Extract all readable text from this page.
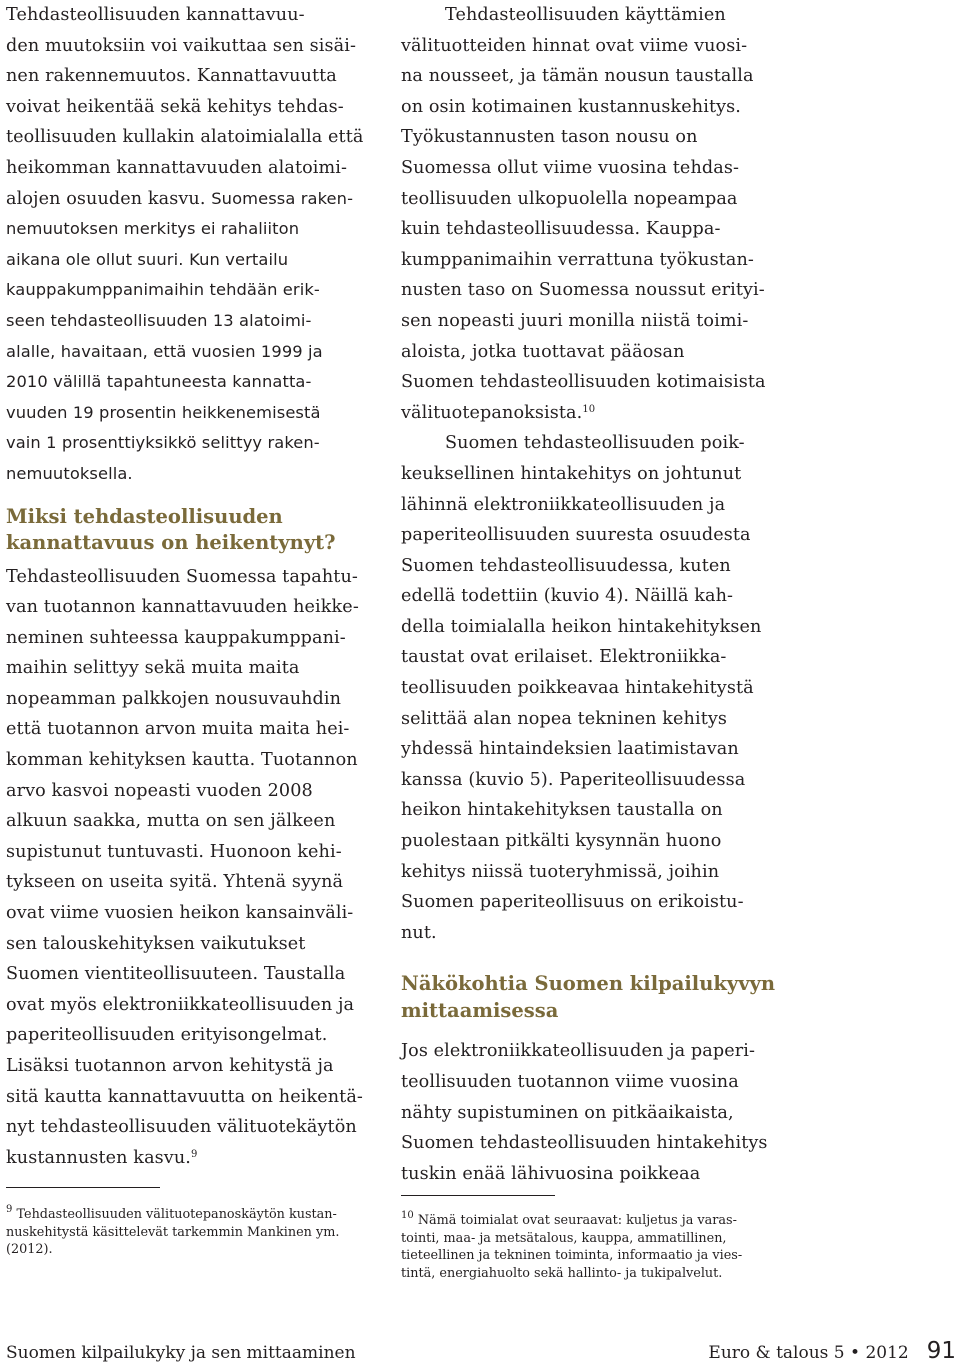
Tehdasteollisuuden kannattavuu-
den muutoksiin voi vaikuttaa sen sisäi-
nen rakennemuutos. Kannattavuutta
voivat heikentää sekä kehitys tehdas-
teollisuuden kullakin alatoimialalla että
heikomman kannattavuuden alatoimi-
alojen osuuden kasvu. Suomessa raken-
nemuutoksen merkitys ei rahaliiton
aikana ole ollut suuri. Kun vertailu
kauppakumppanimaihin tehdään erik-
seen tehdasteollisuuden 13 alatoimi-
alalle, havaitaan, että vuosien 1999 ja
2010 välillä tapahtuneesta kannatta-
vuuden 19 prosentin heikkenemisestä
vain 1 prosenttiyksikkö selittyy raken-
nemuutoksella.
Miksi tehdasteollisuuden
kannattavuus on heikentynyt?
Tehdasteollisuuden Suomessa tapahtu-
van tuotannon kannattavuuden heikke-
neminen suhteessa kauppakumppani-
maihin selittyy sekä muita maita
nopeamman palkkojen nousuvauhdin
että tuotannon arvon muita maita hei-
komman kehityksen kautta. Tuotannon
arvo kasvoi nopeasti vuoden 2008
alkuun saakka, mutta on sen jälkeen
supistunut tuntuvasti. Huonoon kehi-
tykseen on useita syitä. Yhtenä syynä
ovat viime vuosien heikon kansainväli-
sen talouskehityksen vaikutukset
Suomen vientiteollisuuteen. Taustalla
ovat myös elektroniikkateollisuuden ja
paperiteollisuuden erityisongelmat.
Lisäksi tuotannon arvon kehitystä ja
sitä kautta kannattavuutta on heikentä-
nyt tehdasteollisuuden välituotekäytön
kustannusten kasvu.$^9$
$^9$ Tehdasteollisuuden välituotepanoskäytön kustan-
nuskehitystä käsittelevät tarkemmin Mankinen ym.
(2012).
Tehdasteollisuuden käyttämien
välituotteiden hinnat ovat viime vuosi-
na nousseet, ja tämän nousun taustalla
on osin kotimainen kustannuskehitys.
Työkustannusten tason nousu on
Suomessa ollut viime vuosina tehdas-
teollisuuden ulkopuolella nopeampaa
kuin tehdasteollisuudessa. Kauppa-
kumppanimaihin verrattuna työkustan-
nusten taso on Suomessa noussut erityi-
sen nopeasti juuri monilla niistä toimi-
aloista, jotka tuottavat pääosan
Suomen tehdasteollisuuden kotimaisista
välituotepanoksista.$^{10}$
Suomen tehdasteollisuuden poik-
keuksellinen hintakehitys on johtunut
lähinnä elektroniikkateollisuuden ja
paperiteollisuuden suuresta osuudesta
Suomen tehdasteollisuudessa, kuten
edellä todettiin (kuvio 4). Näillä kah-
della toimialalla heikon hintakehityksen
taustat ovat erilaiset. Elektroniikka-
teollisuuden poikkeavaa hintakehitystä
selittää alan nopea tekninen kehitys
yhdessä hintaindeksien laatimistavan
kanssa (kuvio 5). Paperiteollisuudessa
heikon hintakehityksen taustalla on
puolestaan pitkälti kysynnän huono
kehitys niissä tuoteryhmissä, joihin
Suomen paperiteollisuus on erikoistu-
nut.
Näkökohtia Suomen kilpailukyvyn
mittaamisessa
Jos elektroniikkateollisuuden ja paperi-
teollisuuden tuotannon viime vuosina
nähty supistuminen on pitkäaikaista,
Suomen tehdasteollisuuden hintakehitys
tuskin enää lähivuosina poikkeaa
$^{10}$ Nämä toimialat ovat seuraavat: kuljetus ja varas-
tointi, maa- ja metsätalous, kauppa, ammatillinen,
tieteellinen ja tekninen toiminta, informaatio ja vies-
tintä, energiahuolto sekä hallinto- ja tukipalvelut.
Suomen kilpailukyky ja sen mittaaminen	Euro & talous 5 • 2012 91
